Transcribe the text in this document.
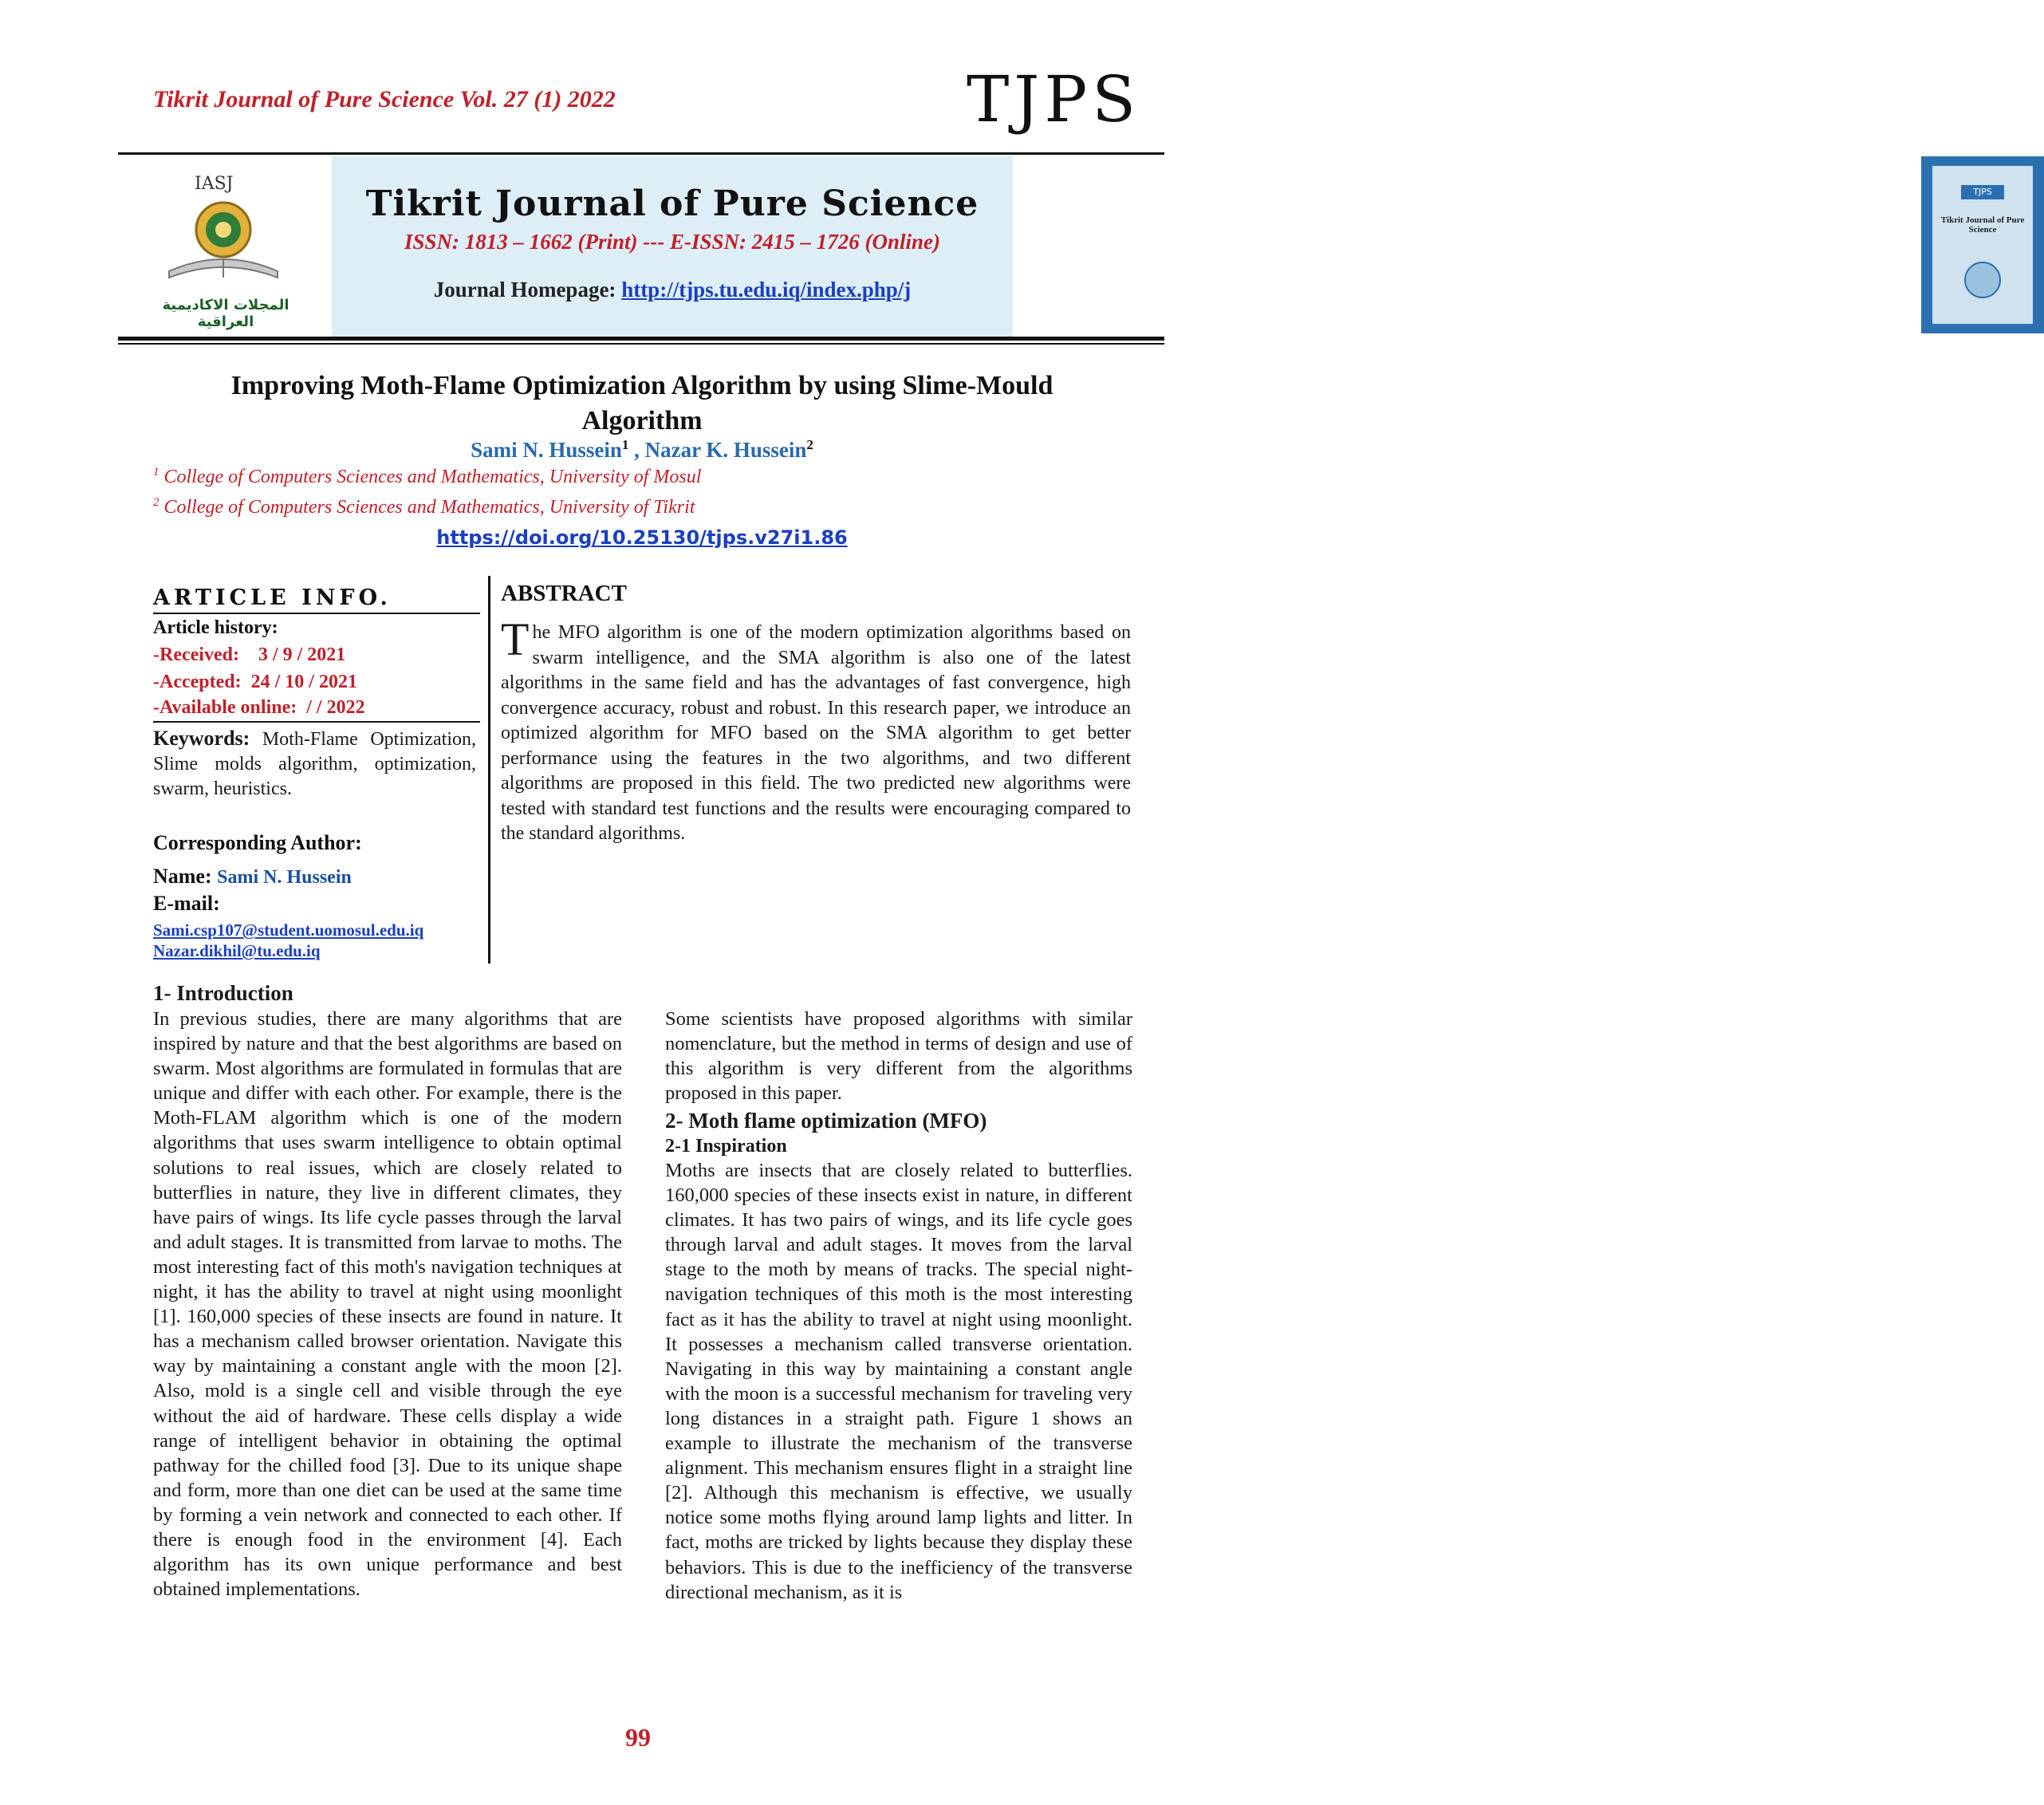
Tikrit Journal of Pure Science Vol. 27 (1) 2022	TJPS
IASJ
المجلات الاكاديمية العراقية
Tikrit Journal of Pure Science
ISSN: 1813 – 1662 (Print) --- E-ISSN: 2415 – 1726 (Online)
Journal Homepage: http://tjps.tu.edu.iq/index.php/j
TJPS
Tikrit Journal of Pure Science
Improving Moth-Flame Optimization Algorithm by using Slime-Mould
Algorithm
Sami N. Hussein$^1$ , Nazar K. Hussein$^2$
$^1$ College of Computers Sciences and Mathematics, University of Mosul
$^2$ College of Computers Sciences and Mathematics, University of Tikrit
https://doi.org/10.25130/tjps.v27i1.86
ARTICLE INFO.
Article history:
-Received: 3 / 9 / 2021
-Accepted: 24 / 10 / 2021
-Available online:  / / 2022
Keywords: Moth-Flame Optimization, Slime molds algorithm, optimization, swarm, heuristics.
Corresponding Author:
Name: Sami N. Hussein
E-mail:
Sami.csp107@student.uomosul.edu.iq
Nazar.dikhil@tu.edu.iq
ABSTRACT
The MFO algorithm is one of the modern optimization algorithms based on swarm intelligence, and the SMA algorithm is also one of the latest algorithms in the same field and has the advantages of fast convergence, high convergence accuracy, robust and robust. In this research paper, we introduce an optimized algorithm for MFO based on the SMA algorithm to get better performance using the features in the two algorithms, and two different algorithms are proposed in this field. The two predicted new algorithms were tested with standard test functions and the results were encouraging compared to the standard algorithms.
1- Introduction
In previous studies, there are many algorithms that are inspired by nature and that the best algorithms are based on swarm. Most algorithms are formulated in formulas that are unique and differ with each other. For example, there is the Moth-FLAM algorithm which is one of the modern algorithms that uses swarm intelligence to obtain optimal solutions to real issues, which are closely related to butterflies in nature, they live in different climates, they have pairs of wings. Its life cycle passes through the larval and adult stages. It is transmitted from larvae to moths. The most interesting fact of this moth's navigation techniques at night, it has the ability to travel at night using moonlight [1]. 160,000 species of these insects are found in nature. It has a mechanism called browser orientation. Navigate this way by maintaining a constant angle with the moon [2]. Also, mold is a single cell and visible through the eye without the aid of hardware. These cells display a wide range of intelligent behavior in obtaining the optimal pathway for the chilled food [3]. Due to its unique shape and form, more than one diet can be used at the same time by forming a vein network and connected to each other. If there is enough food in the environment [4]. Each algorithm has its own unique performance and best obtained implementations.
Some scientists have proposed algorithms with similar nomenclature, but the method in terms of design and use of this algorithm is very different from the algorithms proposed in this paper.
2- Moth flame optimization (MFO)
2-1 Inspiration
Moths are insects that are closely related to butterflies. 160,000 species of these insects exist in nature, in different climates. It has two pairs of wings, and its life cycle goes through larval and adult stages. It moves from the larval stage to the moth by means of tracks. The special night-navigation techniques of this moth is the most interesting fact as it has the ability to travel at night using moonlight. It possesses a mechanism called transverse orientation. Navigating in this way by maintaining a constant angle with the moon is a successful mechanism for traveling very long distances in a straight path. Figure 1 shows an example to illustrate the mechanism of the transverse alignment. This mechanism ensures flight in a straight line [2]. Although this mechanism is effective, we usually notice some moths flying around lamp lights and litter. In fact, moths are tricked by lights because they display these behaviors. This is due to the inefficiency of the transverse directional mechanism, as it is
99
